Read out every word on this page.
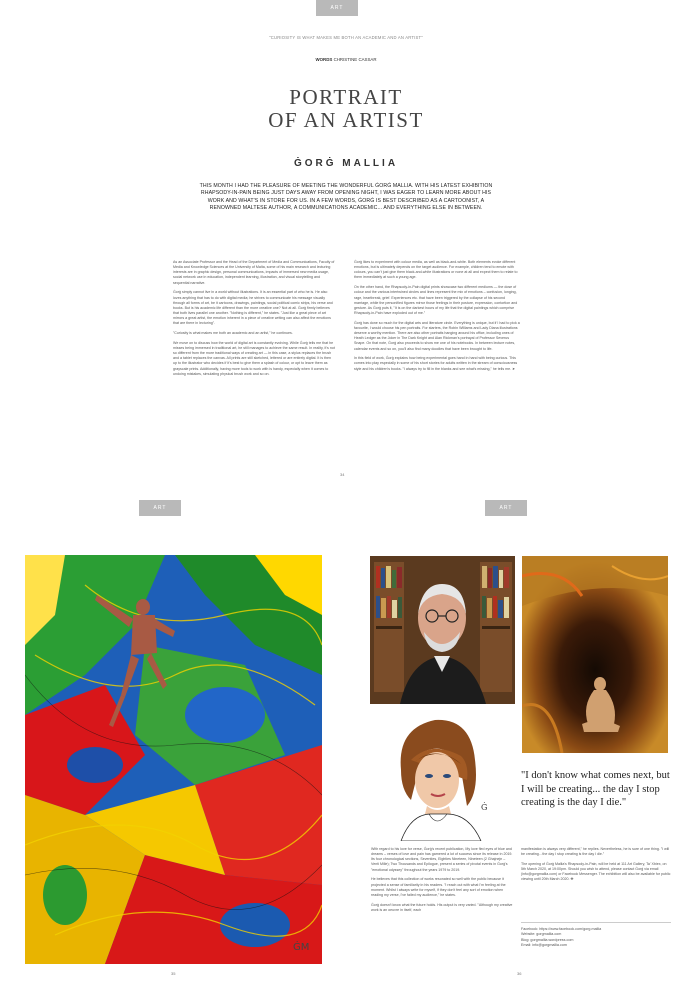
ART
"CURIOSITY IS WHAT MAKES ME BOTH AN ACADEMIC AND AN ARTIST"
WORDS CHRISTINE CASSAR
PORTRAIT
OF AN ARTIST
ĠORĠ MALLIA
THIS MONTH I HAD THE PLEASURE OF MEETING THE WONDERFUL ĠORĠ MALLIA. WITH HIS LATEST EXHIBITION RHAPSODY-IN-PAIN BEING JUST DAYS AWAY FROM OPENING NIGHT, I WAS EAGER TO LEARN MORE ABOUT HIS WORK AND WHAT'S IN STORE FOR US. IN A FEW WORDS, ĠORĠ IS BEST DESCRIBED AS A CARTOONIST, A RENOWNED MALTESE AUTHOR, A COMMUNICATIONS ACADEMIC... AND EVERYTHING ELSE IN BETWEEN.

As an Associate Professor and the Head of the Department of Media and Communications, Faculty of Media and Knowledge Sciences at the University of Malta, some of his main research and lecturing interests are in graphic design, personal communications, impacts of immersed new media usage, social network use in education, independent learning, illustration, and visual storytelling and sequential narrative.

Ġorġ simply cannot live in a world without illustrations. It is an essential part of who he is. He also loves anything that has to do with digital media; he strives to communicate his message visually through all forms of art, be it cartoons, drawings, paintings, social political comic strips, his verse and books. But is his academic life different than the more creative one? Not at all. Ġorġ firmly believes that both lives parallel one another. "Nothing is different," he states. "Just like a great piece of art mirrors a great artist, the emotion inherent in a piece of creative writing can also affect the emotions that are there in lecturing".

"Curiosity is what makes me both an academic and an artist," he continues.

We move on to discuss how the world of digital art is constantly evolving. While Ġorġ tells me that he misses being immersed in traditional art, he still manages to achieve the same result. In reality, it's not so different from the more traditional ways of creating art — in this case, a stylus replaces the brush and a tablet replaces the canvas. All prints are still sketched, lettered or are entirely digital. It is then up to the illustrator who decides if it's best to give them a splash of colour, or opt to leave them as grayscale prints. Additionally, having more tools to work with is handy, especially when it comes to undoing mistakes, simulating physical brush work and so on.

Ġorġ likes to experiment with colour media, as well as black-and-white. Both elements evoke different emotions, but is ultimately depends on the target audience. For example, children tend to emote with colours, you can't just give them black-and-white illustrations or none at all and expect them to relate to them immediately at such a young age.

On the other hand, the Rhapsody-in-Pain digital prints showcase two different mediums — the dose of colour and the various intertwined circles and lines represent the mix of emotions – confusion, longing, rage, heartbreak, grief. Experiences etc. that have been triggered by the collapse of his second marriage, while the personified figures mirror those feelings in their posture, expression, contortion and gesture. As Ġorġ puts it, "It is on the darkest hours of my life that the digital paintings which comprise Rhapsody-in-Pain have exploded out of me."

Ġorġ has done so much for the digital arts and literature circle. Everything is unique, but if I had to pick a favourite, I would choose his pen portraits. For starters, the Robin Williams and Lady Diana illustrations deserve a worthy mention. There are also other portraits hanging around his office, including ones of Heath Ledger as the Joker in The Dark Knight and Alan Rickman's portrayal of Professor Severus Snape. On that note, Ġorġ also proceeds to show me one of his notebooks. In between lecture notes, calendar events and so on, you'll also find many doodles that have been brought to life.

In this field of work, Ġorġ explains how being experimental goes hand in hand with being curious. This comes into play especially in some of his short stories for adults written in the stream of consciousness style and his children's books. "I always try to fill in the blanks and see what's missing," he tells me. ➤

34
ART	ART
ĠM
35
Ġ
"I don't know what comes next, but I will be creating... the day I stop creating is the day I die."

With regard to his love for verse, Ġorġ's recent publication, My love fled eyes of blue and dreams – verses of love and pain has garnered a lot of success since its release in 2019. Its four chronological sections, Seventies, Eighties Nineteen, Nineteen (2 Ghajnejn – Venti Mille); Two Thousands and Epilogue, present a series of pivotal events in Ġorġ's "emotional odyssey" throughout the years 1979 to 2019.

He believes that this collection of works resonated so well with the public because it projected a sense of familiarity in his readers. "I reach out with what I'm feeling at the moment. Whilst I always write for myself, if they don't feel any sort of emotion when reading my verse, I've failed my audience," he states.

Ġorġ doesn't know what the future holds. His output is very varied. "Although my creative work is an oeuvre in itself, each

manifestation is always very different," he replies. Nevertheless, he is sure of one thing. "I will be creating…the day I stop creating is the day I die."

The opening of Ġorġ Mallia's Rhapsody-in-Pain, will be held at 111 Art Gallery, Ta' Xbiex, on 5th March 2020, at 19:00pm. Should you wish to attend, please contact Ġorġ via email (info@gorgmallia.com) or Facebook Messenger. The exhibition will also be available for public viewing until 20th March 2020. ✤

Facebook: https://www.facebook.com/gorg.mallia
Website: gorgmallia.com
Blog: gorgmallia.wordpress.com
Email: info@gorgmallia.com
36
